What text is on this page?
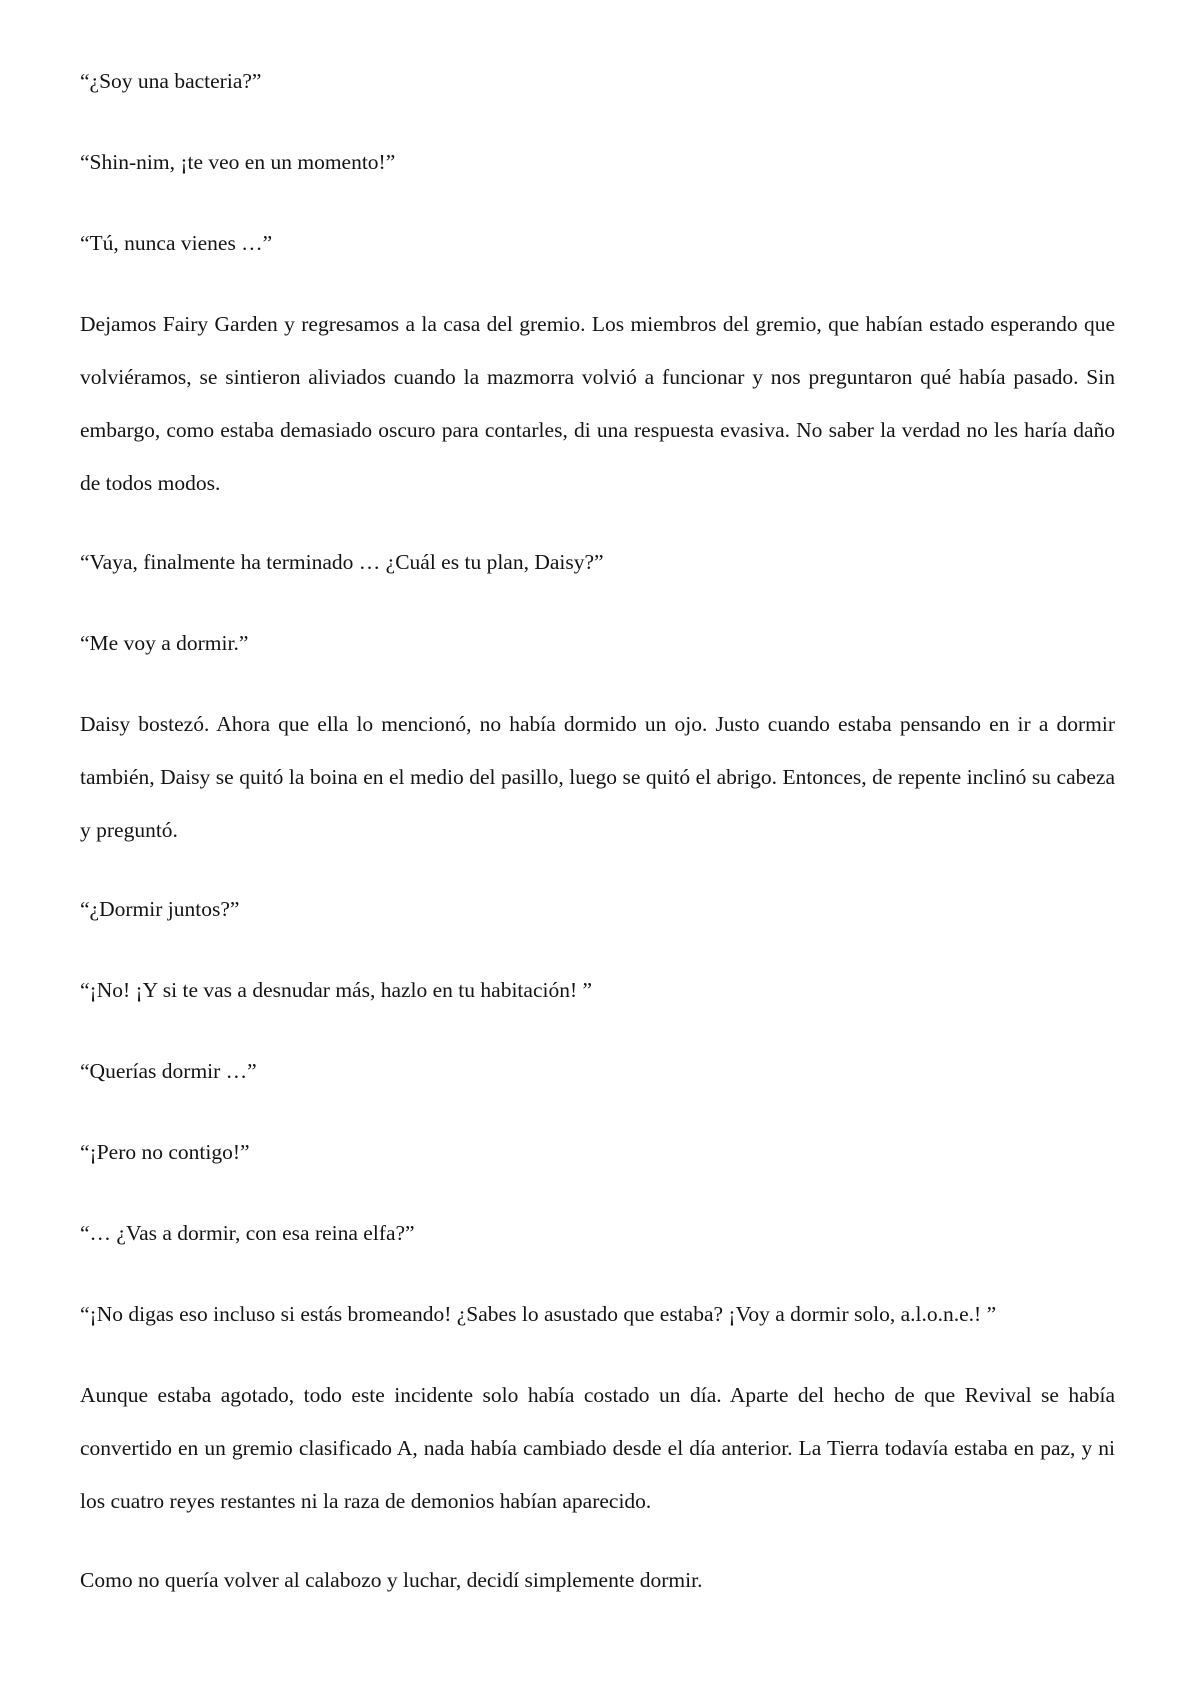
“¿Soy una bacteria?”

“Shin-nim, ¡te veo en un momento!”

“Tú, nunca vienes …”

Dejamos Fairy Garden y regresamos a la casa del gremio. Los miembros del gremio, que habían estado esperando que volviéramos, se sintieron aliviados cuando la mazmorra volvió a funcionar y nos preguntaron qué había pasado. Sin embargo, como estaba demasiado oscuro para contarles, di una respuesta evasiva. No saber la verdad no les haría daño de todos modos.

“Vaya, finalmente ha terminado … ¿Cuál es tu plan, Daisy?”

“Me voy a dormir.”

Daisy bostezó. Ahora que ella lo mencionó, no había dormido un ojo. Justo cuando estaba pensando en ir a dormir también, Daisy se quitó la boina en el medio del pasillo, luego se quitó el abrigo. Entonces, de repente inclinó su cabeza y preguntó.

“¿Dormir juntos?”

“¡No! ¡Y si te vas a desnudar más, hazlo en tu habitación! ”

“Querías dormir …”

“¡Pero no contigo!”

“… ¿Vas a dormir, con esa reina elfa?”

“¡No digas eso incluso si estás bromeando! ¿Sabes lo asustado que estaba? ¡Voy a dormir solo, a.l.o.n.e.! ”

Aunque estaba agotado, todo este incidente solo había costado un día. Aparte del hecho de que Revival se había convertido en un gremio clasificado A, nada había cambiado desde el día anterior. La Tierra todavía estaba en paz, y ni los cuatro reyes restantes ni la raza de demonios habían aparecido.

Como no quería volver al calabozo y luchar, decidí simplemente dormir.
